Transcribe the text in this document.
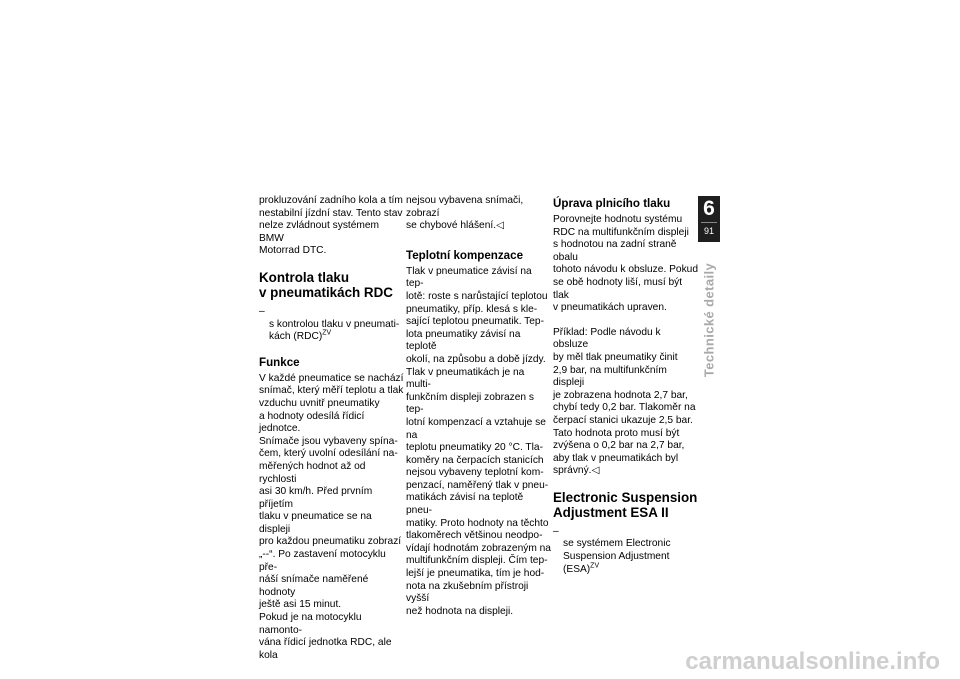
prokluzování zadního kola a tím
nestabilní jízdní stav. Tento stav
nelze zvládnout systémem BMW
Motorrad DTC.

Kontrola tlaku
v pneumatikách RDC

–
s kontrolou tlaku v pneumati-
kách (RDC)$^{ZV}$

Funkce

V každé pneumatice se nachází
snímač, který měří teplotu a tlak
vzduchu uvnitř pneumatiky
a hodnoty odesílá řídicí jednotce.
Snímače jsou vybaveny spína-
čem, který uvolní odesílání na-
měřených hodnot až od rychlosti
asi 30 km/h. Před prvním příjetím
tlaku v pneumatice se na displeji
pro každou pneumatiku zobrazí
„--“. Po zastavení motocyklu pře-
náší snímače naměřené hodnoty
ještě asi 15 minut.
Pokud je na motocyklu namonto-
vána řídicí jednotka RDC, ale kola

nejsou vybavena snímači, zobrazí
se chybové hlášení.◁

Teplotní kompenzace

Tlak v pneumatice závisí na tep-
lotě: roste s narůstající teplotou
pneumatiky, příp. klesá s kle-
sající teplotou pneumatik. Tep-
lota pneumatiky závisí na teplotě
okolí, na způsobu a době jízdy.
Tlak v pneumatikách je na multi-
funkčním displeji zobrazen s tep-
lotní kompenzací a vztahuje se na
teplotu pneumatiky 20 °C. Tla-
koměry na čerpacích stanicích
nejsou vybaveny teplotní kom-
penzací, naměřený tlak v pneu-
matikách závisí na teplotě pneu-
matiky. Proto hodnoty na těchto
tlakoměrech většinou neodpo-
vídají hodnotám zobrazeným na
multifunkčním displeji. Čím tep-
lejší je pneumatika, tím je hod-
nota na zkušebním přístroji vyšší
než hodnota na displeji.

Úprava plnicího tlaku

Porovnejte hodnotu systému
RDC na multifunkčním displeji
s hodnotou na zadní straně obalu
tohoto návodu k obsluze. Pokud
se obě hodnoty liší, musí být tlak
v pneumatikách upraven.

Příklad: Podle návodu k obsluze
by měl tlak pneumatiky činit
2,9 bar, na multifunkčním displeji
je zobrazena hodnota 2,7 bar,
chybí tedy 0,2 bar. Tlakoměr na
čerpací stanici ukazuje 2,5 bar.
Tato hodnota proto musí být
zvýšena o 0,2 bar na 2,7 bar,
aby tlak v pneumatikách byl
správný.◁

Electronic Suspension
Adjustment ESA II

–
se systémem Electronic
Suspension Adjustment
(ESA)$^{ZV}$

6
91
Technické detaily
carmanualsonline.info
